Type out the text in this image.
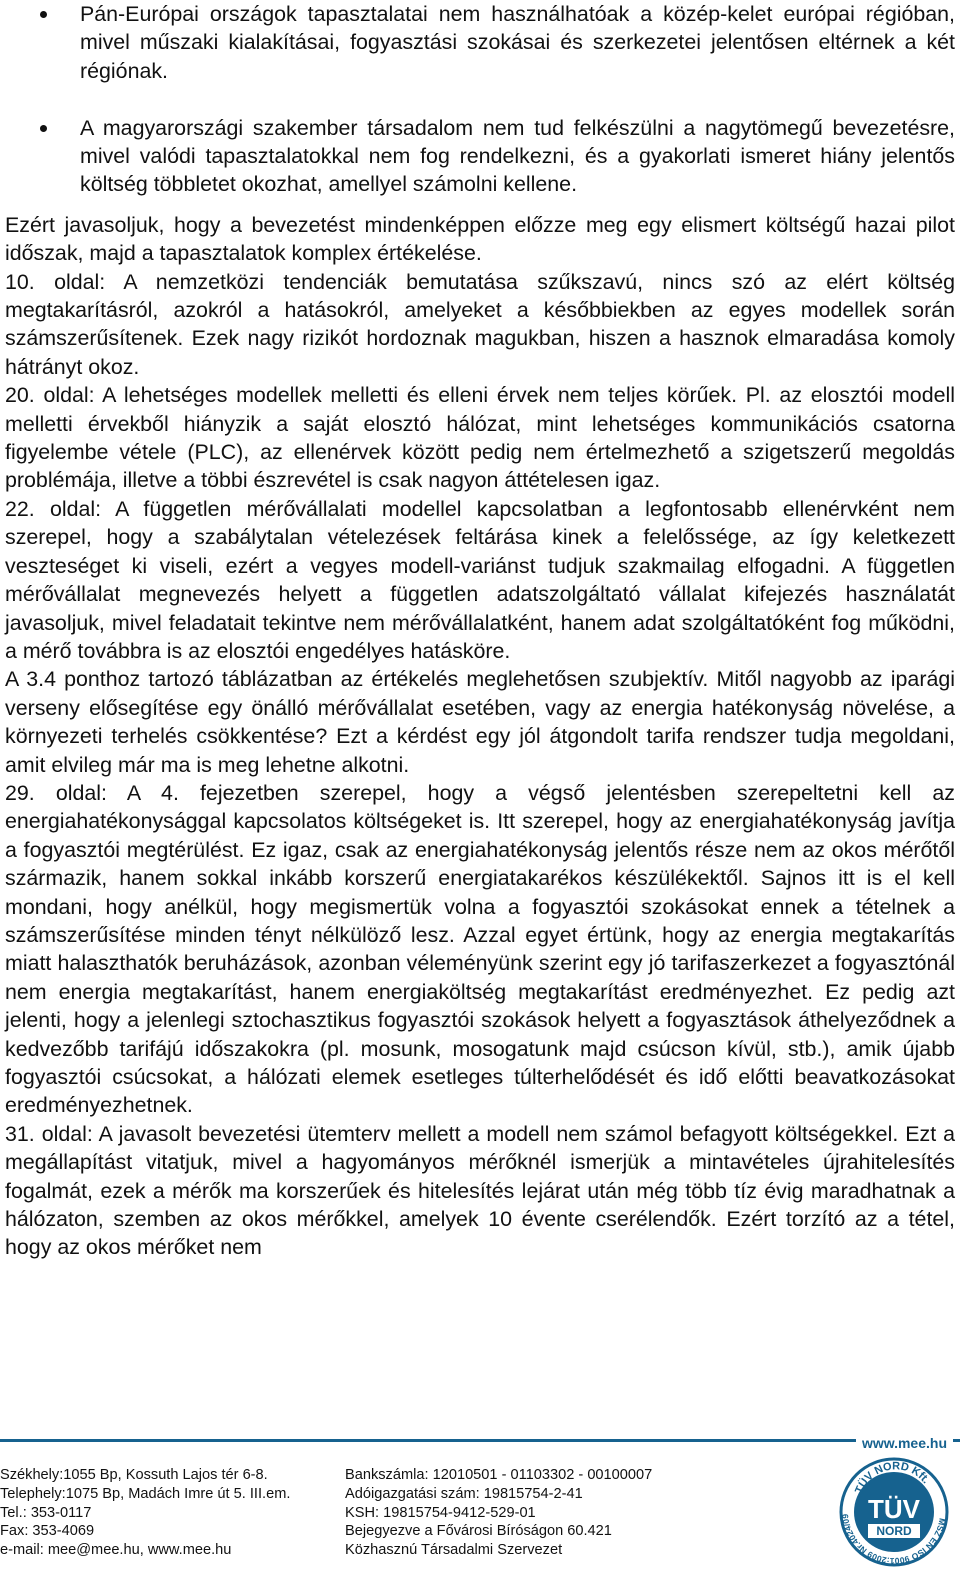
Pán-Európai országok tapasztalatai nem használhatóak a közép-kelet európai régióban, mivel műszaki kialakításai, fogyasztási szokásai és szerkezetei jelentősen eltérnek a két régiónak.
A magyarországi szakember társadalom nem tud felkészülni a nagytömegű bevezetésre, mivel valódi tapasztalatokkal nem fog rendelkezni, és a gyakorlati ismeret hiány jelentős költség többletet okozhat, amellyel számolni kellene.

Ezért javasoljuk, hogy a bevezetést mindenképpen előzze meg egy elismert költségű hazai pilot időszak, majd a tapasztalatok komplex értékelése.

10. oldal: A nemzetközi tendenciák bemutatása szűkszavú, nincs szó az elért költség megtakarításról, azokról a hatásokról, amelyeket a későbbiekben az egyes modellek során számszerűsítenek. Ezek nagy rizikót hordoznak magukban, hiszen a hasznok elmaradása komoly hátrányt okoz.

20. oldal: A lehetséges modellek melletti és elleni érvek nem teljes körűek. Pl. az elosztói modell melletti érvekből hiányzik a saját elosztó hálózat, mint lehetséges kommunikációs csatorna figyelembe vétele (PLC), az ellenérvek között pedig nem értelmezhető a szigetszerű megoldás problémája, illetve a többi észrevétel is csak nagyon áttételesen igaz.

22. oldal: A független mérővállalati modellel kapcsolatban a legfontosabb ellenérvként nem szerepel, hogy a szabálytalan vételezések feltárása kinek a felelőssége, az így keletkezett veszteséget ki viseli, ezért a vegyes modell-variánst tudjuk szakmailag elfogadni. A független mérővállalat megnevezés helyett a független adatszolgáltató vállalat kifejezés használatát javasoljuk, mivel feladatait tekintve nem mérővállalatként, hanem adat szolgáltatóként fog működni, a mérő továbbra is az elosztói engedélyes hatásköre.

A 3.4 ponthoz tartozó táblázatban az értékelés meglehetősen szubjektív. Mitől nagyobb az iparági verseny elősegítése egy önálló mérővállalat esetében, vagy az energia hatékonyság növelése, a környezeti terhelés csökkentése? Ezt a kérdést egy jól átgondolt tarifa rendszer tudja megoldani, amit elvileg már ma is meg lehetne alkotni.

29. oldal: A 4. fejezetben szerepel, hogy a végső jelentésben szerepeltetni kell az energiahatékonysággal kapcsolatos költségeket is. Itt szerepel, hogy az energiahatékonyság javítja a fogyasztói megtérülést. Ez igaz, csak az energiahatékonyság jelentős része nem az okos mérőtől származik, hanem sokkal inkább korszerű energiatakarékos készülékektől. Sajnos itt is el kell mondani, hogy anélkül, hogy megismertük volna a fogyasztói szokásokat ennek a tételnek a számszerűsítése minden tényt nélkülöző lesz. Azzal egyet értünk, hogy az energia megtakarítás miatt halaszthatók beruházások, azonban véleményünk szerint egy jó tarifaszerkezet a fogyasztónál nem energia megtakarítást, hanem energiaköltség megtakarítást eredményezhet. Ez pedig azt jelenti, hogy a jelenlegi sztochasztikus fogyasztói szokások helyett a fogyasztások áthelyeződnek a kedvezőbb tarifájú időszakokra (pl. mosunk, mosogatunk majd csúcson kívül, stb.), amik újabb fogyasztói csúcsokat, a hálózati elemek esetleges túlterhelődését és idő előtti beavatkozásokat eredményezhetnek.

31. oldal: A javasolt bevezetési ütemterv mellett a modell nem számol befagyott költségekkel. Ezt a megállapítást vitatjuk, mivel a hagyományos mérőknél ismerjük a mintavételes újrahitelesítés fogalmát, ezek a mérők ma korszerűek és hitelesítés lejárat után még több tíz évig maradhatnak a hálózaton, szemben az okos mérőkkel, amelyek 10 évente cserélendők. Ezért torzító az a tétel, hogy az okos mérőket nem

www.mee.hu
Székhely:1055 Bp, Kossuth Lajos tér 6-8.
Telephely:1075 Bp, Madách Imre út 5. III.em.
Tel.: 353-0117
Fax: 353-4069
e-mail: mee@mee.hu, www.mee.hu
Bankszámla: 12010501 - 01103302 - 00100007
Adóigazgatási szám: 19815754-2-41
KSH: 19815754-9412-529-01
Bejegyezve a Fővárosi Bíróságon 60.421
Közhasznú Társadalmi Szervezet
MSZ EN ISO 9001:2009 Nr.4024/09
TÜV NORD Kft.
TÜV
NORD
